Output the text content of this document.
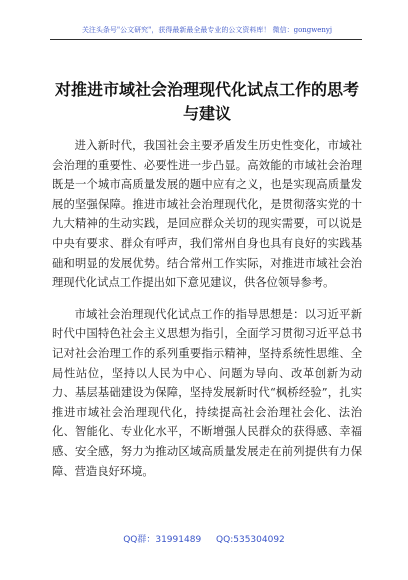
关注头条号"公文研究"，获得最新最全最专业的公文资料库！ 微信：gongwenyj
对推进市域社会治理现代化试点工作的思考与建议

进入新时代，我国社会主要矛盾发生历史性变化，市域社会治理的重要性、必要性进一步凸显。高效能的市域社会治理既是一个城市高质量发展的题中应有之义，也是实现高质量发展的坚强保障。推进市域社会治理现代化，是贯彻落实党的十九大精神的生动实践，是回应群众关切的现实需要，可以说是中央有要求、群众有呼声，我们常州自身也具有良好的实践基础和明显的发展优势。结合常州工作实际，对推进市域社会治理现代化试点工作提出如下意见建议，供各位领导参考。

市域社会治理现代化试点工作的指导思想是：以习近平新时代中国特色社会主义思想为指引，全面学习贯彻习近平总书记对社会治理工作的系列重要指示精神，坚持系统性思维、全局性站位，坚持以人民为中心、问题为导向、改革创新为动力、基层基础建设为保障，坚持发展新时代“枫桥经验”，扎实推进市域社会治理现代化，持续提高社会治理社会化、法治化、智能化、专业化水平，不断增强人民群众的获得感、幸福感、安全感，努力为推动区域高质量发展走在前列提供有力保障、营造良好环境。

QQ群：31991489 QQ:535304092
